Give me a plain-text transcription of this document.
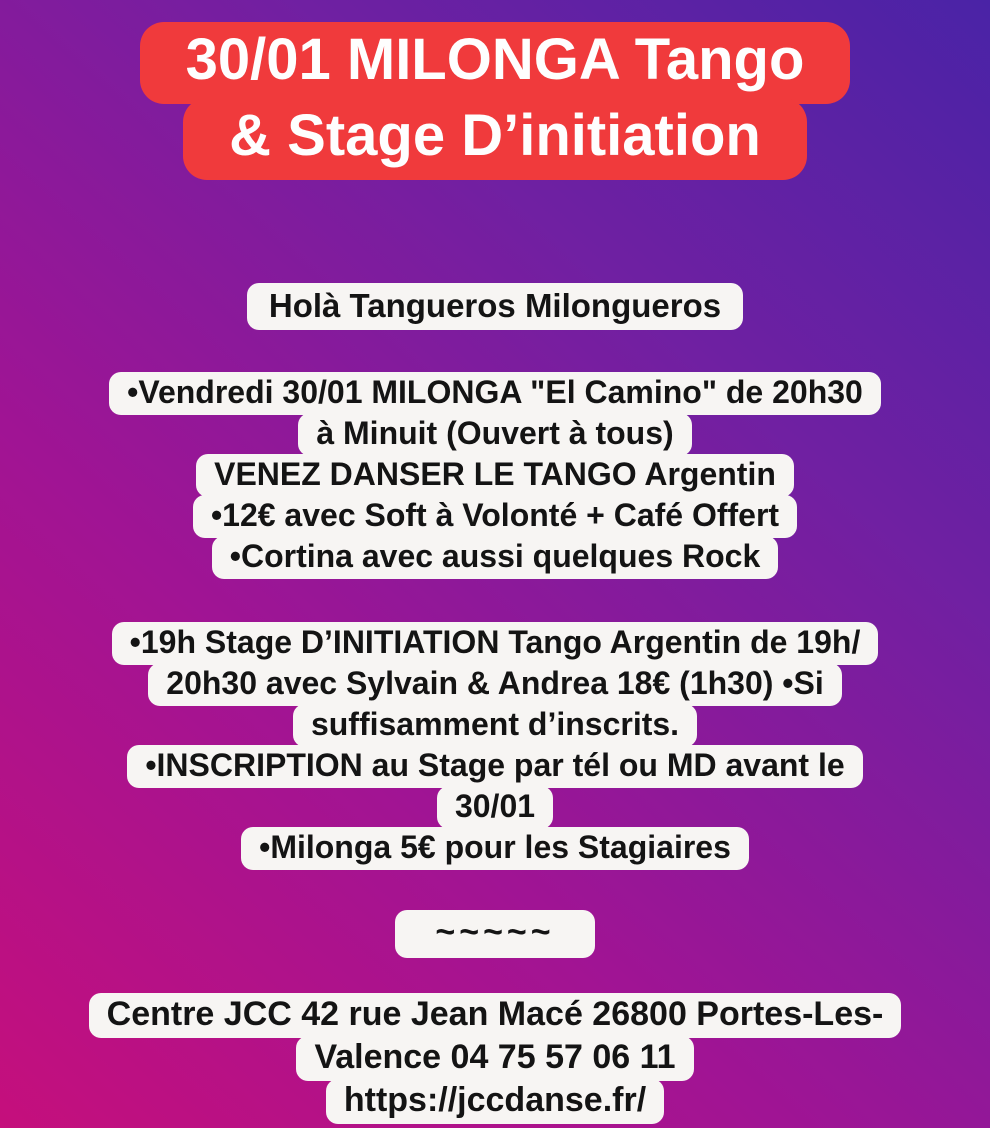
30/01 MILONGA Tango
& Stage D’initiation
Holà Tangueros Milongueros
•Vendredi 30/01 MILONGA "El Camino" de 20h30
à Minuit (Ouvert à tous)
VENEZ DANSER LE TANGO Argentin
•12€ avec Soft à Volonté + Café Offert
•Cortina avec aussi quelques Rock
•19h Stage D’INITIATION Tango Argentin de 19h/
20h30 avec Sylvain & Andrea 18€ (1h30) •Si
suffisamment d’inscrits.
•INSCRIPTION au Stage par tél ou MD avant le
30/01
•Milonga 5€ pour les Stagiaires
~~~~~
Centre JCC 42 rue Jean Macé 26800 Portes-Les-
Valence 04 75 57 06 11
https://jccdanse.fr/
